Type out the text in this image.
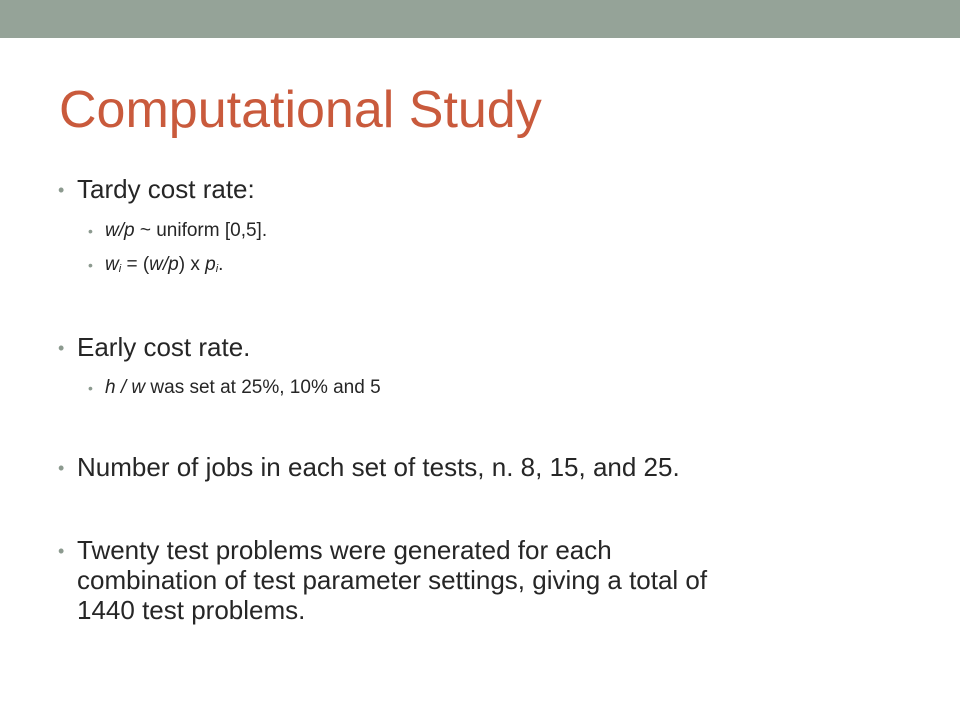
Computational Study
• Tardy cost rate:
• w/p ~ uniform [0,5].
• $w_i = (w/p)$ x $p_i$.
• Early cost rate.
• h / w was set at 25%, 10% and 5
• Number of jobs in each set of tests, n. 8, 15, and 25.
• Twenty test problems were generated for each
combination of test parameter settings, giving a total of
1440 test problems.
